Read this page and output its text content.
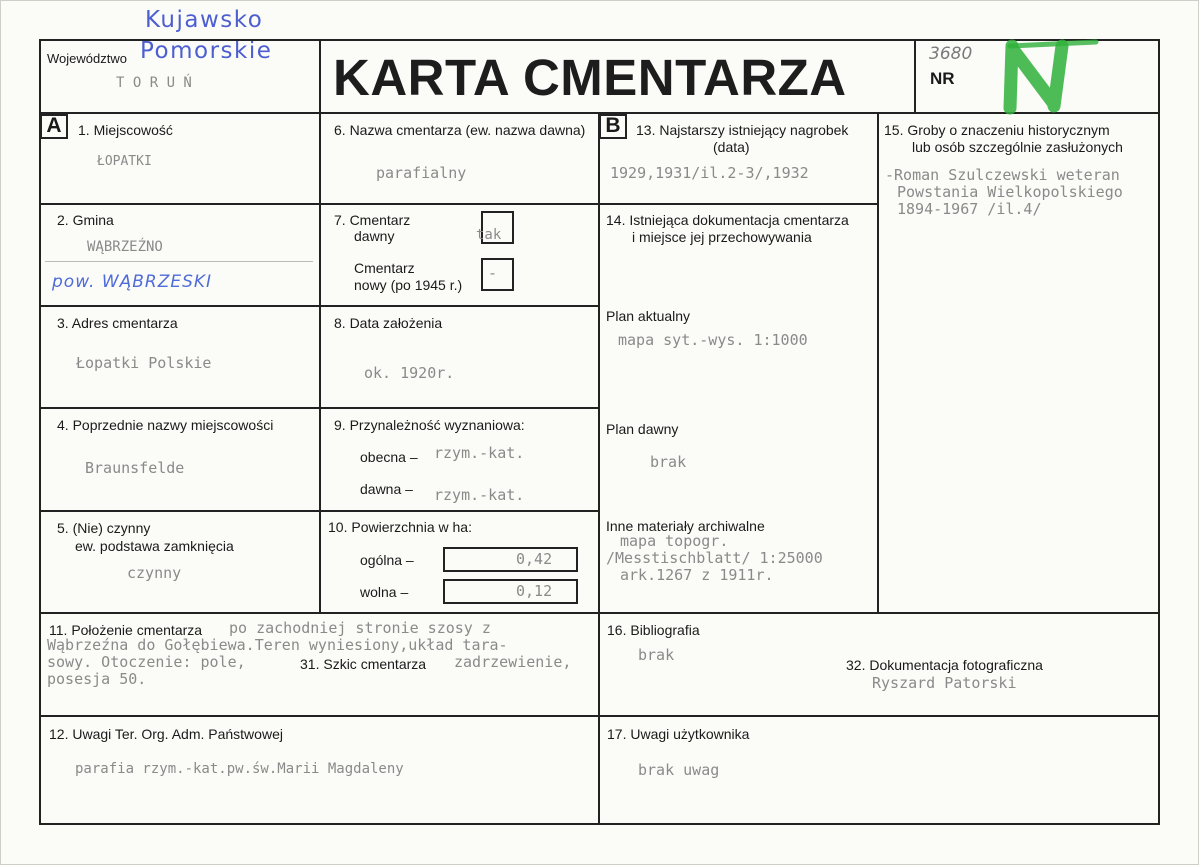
Kujawsko
Pomorskie
Województwo
T O R U Ń	KARTA CMENTARZA	3680
NR
A	B
1. Miejscowość
ŁOPATKI
2. Gmina
WĄBRZEŹNO
pow. WĄBRZESKI
3. Adres cmentarza
Łopatki Polskie
4. Poprzednie nazwy miejscowości
Braunsfelde
5. (Nie) czynny
ew. podstawa zamknięcia
czynny
6. Nazwa cmentarza (ew. nazwa dawna)
parafialny
7. Cmentarz
dawny	tak
Cmentarz
nowy (po 1945 r.)
-
8. Data założenia
ok. 1920r.
9. Przynależność wyznaniowa:
obecna – rzym.-kat.
dawna – rzym.-kat.
10. Powierzchnia w ha:
ogólna –	0,42
wolna –	0,12
11. Położenie cmentarza po zachodniej stronie szosy z
Wąbrzeźna do Gołębiewa.Teren wyniesiony,układ tara-
sowy. Otoczenie: pole,	31. Szkic cmentarza zadrzewienie,
posesja 50.
12. Uwagi Ter. Org. Adm. Państwowej
parafia rzym.-kat.pw.św.Marii Magdaleny
13. Najstarszy istniejący nagrobek
(data)
1929,1931/il.2-3/,1932
14. Istniejąca dokumentacja cmentarza
i miejsce jej przechowywania
Plan aktualny
mapa syt.-wys. 1:1000
Plan dawny
brak
Inne materiały archiwalne
mapa topogr.
/Messtischblatt/ 1:25000
ark.1267 z 1911r.
15. Groby o znaczeniu historycznym
lub osób szczególnie zasłużonych
-Roman Szulczewski weteran
Powstania Wielkopolskiego
1894-1967 /il.4/
16. Bibliografia
brak
32. Dokumentacja fotograficzna
Ryszard Patorski
17. Uwagi użytkownika
brak uwag
